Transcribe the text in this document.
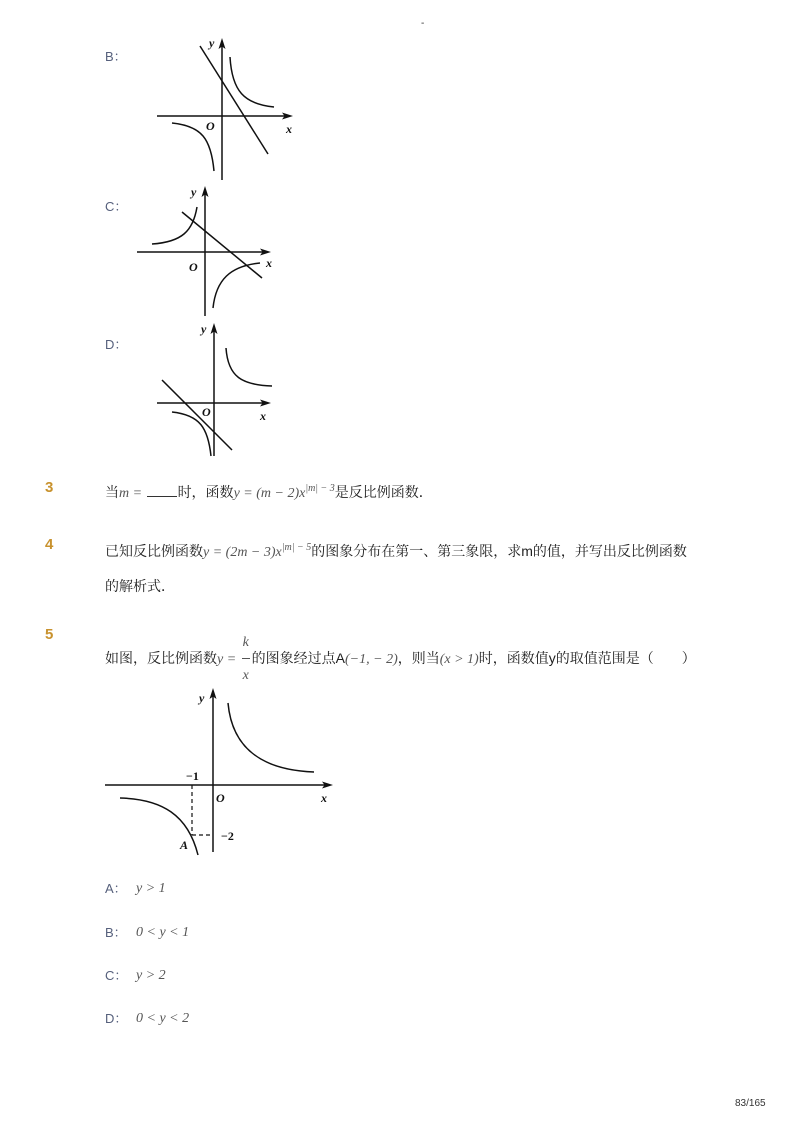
-
B：
y
O	x
C：
y
O	x
D：
y
O	x
3	当m = 时，函数$y = (m - 2)x^{|m| - 3}$是反比例函数．
4	已知反比例函数$y = (2m - 3)x^{|m| - 5}$的图象分布在第一、第三象限，求m的值，并写出反比例函数
的解析式．
5
如图，反比例函数$y = \frac{k}{x}$ 的图象经过点A(−1, − 2)，则当(x > 1)时，函数值y的取值范围是（　　）
y
O	x
−1
−2
A
A： y > 1
B： 0 < y < 1
C： y > 2
D： 0 < y < 2
83/165
